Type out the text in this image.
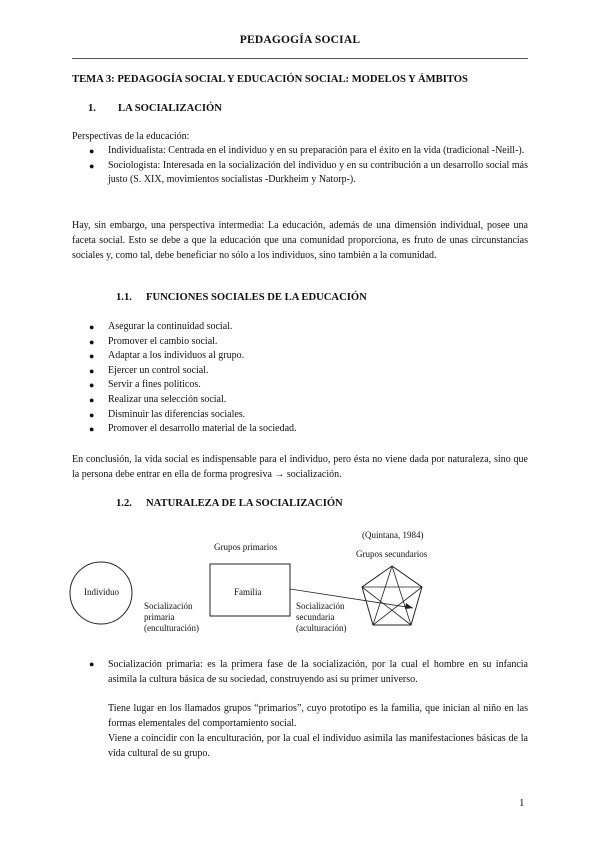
PEDAGOGÍA SOCIAL
TEMA 3: PEDAGOGÍA SOCIAL Y EDUCACIÓN SOCIAL: MODELOS Y ÁMBITOS
1. LA SOCIALIZACIÓN
Perspectivas de la educación:
● Individualista: Centrada en el individuo y en su preparación para el éxito en la vida (tradicional -Neill-).
● Sociologista: Interesada en la socialización del individuo y en su contribución a un desarrollo social más justo (S. XIX, movimientos socialistas -Durkheim y Natorp-).
Hay, sin embargo, una perspectiva intermedia: La educación, además de una dimensión individual, posee una faceta social. Esto se debe a que la educación que una comunidad proporciona, es fruto de unas circunstancias sociales y, como tal, debe beneficiar no sólo a los individuos, sino también a la comunidad.
1.1. FUNCIONES SOCIALES DE LA EDUCACIÓN
● Asegurar la continuidad social.
● Promover el cambio social.
● Adaptar a los individuos al grupo.
● Ejercer un control social.
● Servir a fines políticos.
● Realizar una selección social.
● Disminuir las diferencias sociales.
● Promover el desarrollo material de la sociedad.
En conclusión, la vida social es indispensable para el individuo, pero ésta no viene dada por naturaleza, sino que la persona debe entrar en ella de forma progresiva → socialización.
1.2. NATURALEZA DE LA SOCIALIZACIÓN
Individuo
Grupos primarios
Familia
Socialización
primaria
(enculturación)
Socialización
secundaria
(aculturación)
(Quintana, 1984)
Grupos secundarios
● Socialización primaria: es la primera fase de la socialización, por la cual el hombre en su infancia asimila la cultura básica de su sociedad, construyendo así su primer universo.
Tiene lugar en los llamados grupos “primarios”, cuyo prototipo es la familia, que inician al niño en las formas elementales del comportamiento social.
Viene a coincidir con la enculturación, por la cual el individuo asimila las manifestaciones básicas de la vida cultural de su grupo.
1
